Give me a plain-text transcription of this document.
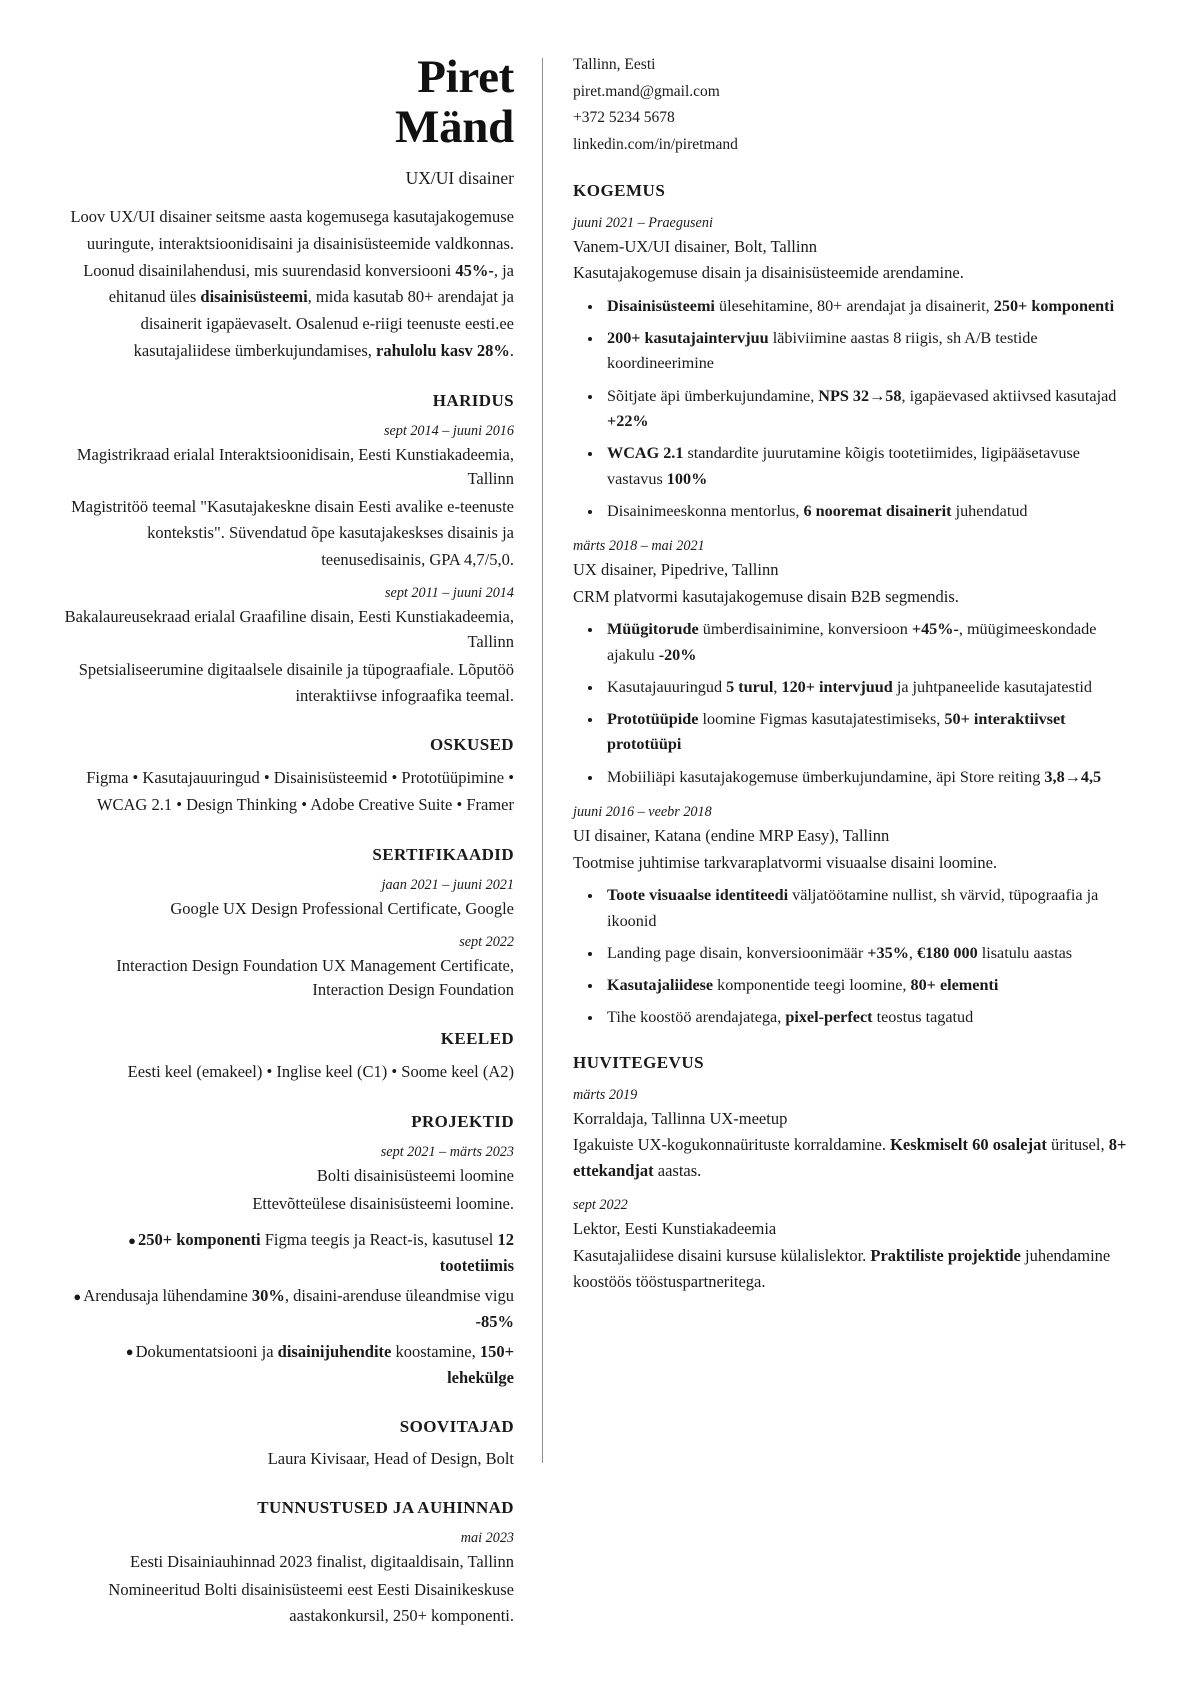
Piret
Mänd
UX/UI disainer
Loov UX/UI disainer seitsme aasta kogemusega kasutajakogemuse uuringute, interaktsioonidisaini ja disainisüsteemide valdkonnas. Loonud disainilahendusi, mis suurendasid konversiooni 45%-, ja ehitanud üles disainisüsteemi, mida kasutab 80+ arendajat ja disainerit igapäevaselt. Osalenud e-riigi teenuste eesti.ee kasutajaliidese ümberkujundamises, rahulolu kasv 28%.
HARIDUS
sept 2014 – juuni 2016
Magistrikraad erialal Interaktsioonidisain, Eesti Kunstiakadeemia, Tallinn
Magistritöö teemal "Kasutajakeskne disain Eesti avalike e-teenuste kontekstis". Süvendatud õpe kasutajakeskses disainis ja teenusedisainis, GPA 4,7/5,0.
sept 2011 – juuni 2014
Bakalaureusekraad erialal Graafiline disain, Eesti Kunstiakadeemia, Tallinn
Spetsialiseerumine digitaalsele disainile ja tüpograafiale. Lõputöö interaktiivse infograafika teemal.
OSKUSED
Figma • Kasutajauuringud • Disainisüsteemid • Prototüüpimine • WCAG 2.1 • Design Thinking • Adobe Creative Suite • Framer
SERTIFIKAADID
jaan 2021 – juuni 2021
Google UX Design Professional Certificate, Google
sept 2022
Interaction Design Foundation UX Management Certificate, Interaction Design Foundation
KEELED
Eesti keel (emakeel) • Inglise keel (C1) • Soome keel (A2)
PROJEKTID
sept 2021 – märts 2023
Bolti disainisüsteemi loomine
Ettevõtteülese disainisüsteemi loomine.
● 250+ komponenti Figma teegis ja React-is, kasutusel 12 tootetiimis
● Arendusaja lühendamine 30%, disaini-arenduse üleandmise vigu -85%
● Dokumentatsiooni ja disainijuhendite koostamine, 150+ lehekülge
SOOVITAJAD
Laura Kivisaar, Head of Design, Bolt
TUNNUSTUSED JA AUHINNAD
mai 2023
Eesti Disainiauhinnad 2023 finalist, digitaaldisain, Tallinn
Nomineeritud Bolti disainisüsteemi eest Eesti Disainikeskuse aastakonkursil, 250+ komponenti.
Tallinn, Eesti
piret.mand@gmail.com
+372 5234 5678
linkedin.com/in/piretmand
KOGEMUS
juuni 2021 – Praeguseni
Vanem-UX/UI disainer, Bolt, Tallinn
Kasutajakogemuse disain ja disainisüsteemide arendamine.
• Disainisüsteemi ülesehitamine, 80+ arendajat ja disainerit, 250+ komponenti
• 200+ kasutajaintervjuu läbiviimine aastas 8 riigis, sh A/B testide koordineerimine
• Sõitjate äpi ümberkujundamine, NPS 32→58, igapäevased aktiivsed kasutajad +22%
• WCAG 2.1 standardite juurutamine kõigis tootetiimides, ligipääsetavuse vastavus 100%
• Disainimeeskonna mentorlus, 6 nooremat disainerit juhendatud
märts 2018 – mai 2021
UX disainer, Pipedrive, Tallinn
CRM platvormi kasutajakogemuse disain B2B segmendis.
• Müügitorude ümberdisainimine, konversioon +45%-, müügimeeskondade ajakulu -20%
• Kasutajauuringud 5 turul, 120+ intervjuud ja juhtpaneelide kasutajatestid
• Prototüüpide loomine Figmas kasutajatestimiseks, 50+ interaktiivset prototüüpi
• Mobiiliäpi kasutajakogemuse ümberkujundamine, äpi Store reiting 3,8→4,5
juuni 2016 – veebr 2018
UI disainer, Katana (endine MRP Easy), Tallinn
Tootmise juhtimise tarkvaraplatvormi visuaalse disaini loomine.
• Toote visuaalse identiteedi väljatöötamine nullist, sh värvid, tüpograafia ja ikoonid
• Landing page disain, konversioonimäär +35%, €180 000 lisatulu aastas
• Kasutajaliidese komponentide teegi loomine, 80+ elementi
• Tihe koostöö arendajatega, pixel-perfect teostus tagatud
HUVITEGEVUS
märts 2019
Korraldaja, Tallinna UX-meetup
Igakuiste UX-kogukonnaürituste korraldamine. Keskmiselt 60 osalejat üritusel, 8+ ettekandjat aastas.
sept 2022
Lektor, Eesti Kunstiakadeemia
Kasutajaliidese disaini kursuse külalislektor. Praktiliste projektide juhendamine koostöös tööstuspartneritega.
